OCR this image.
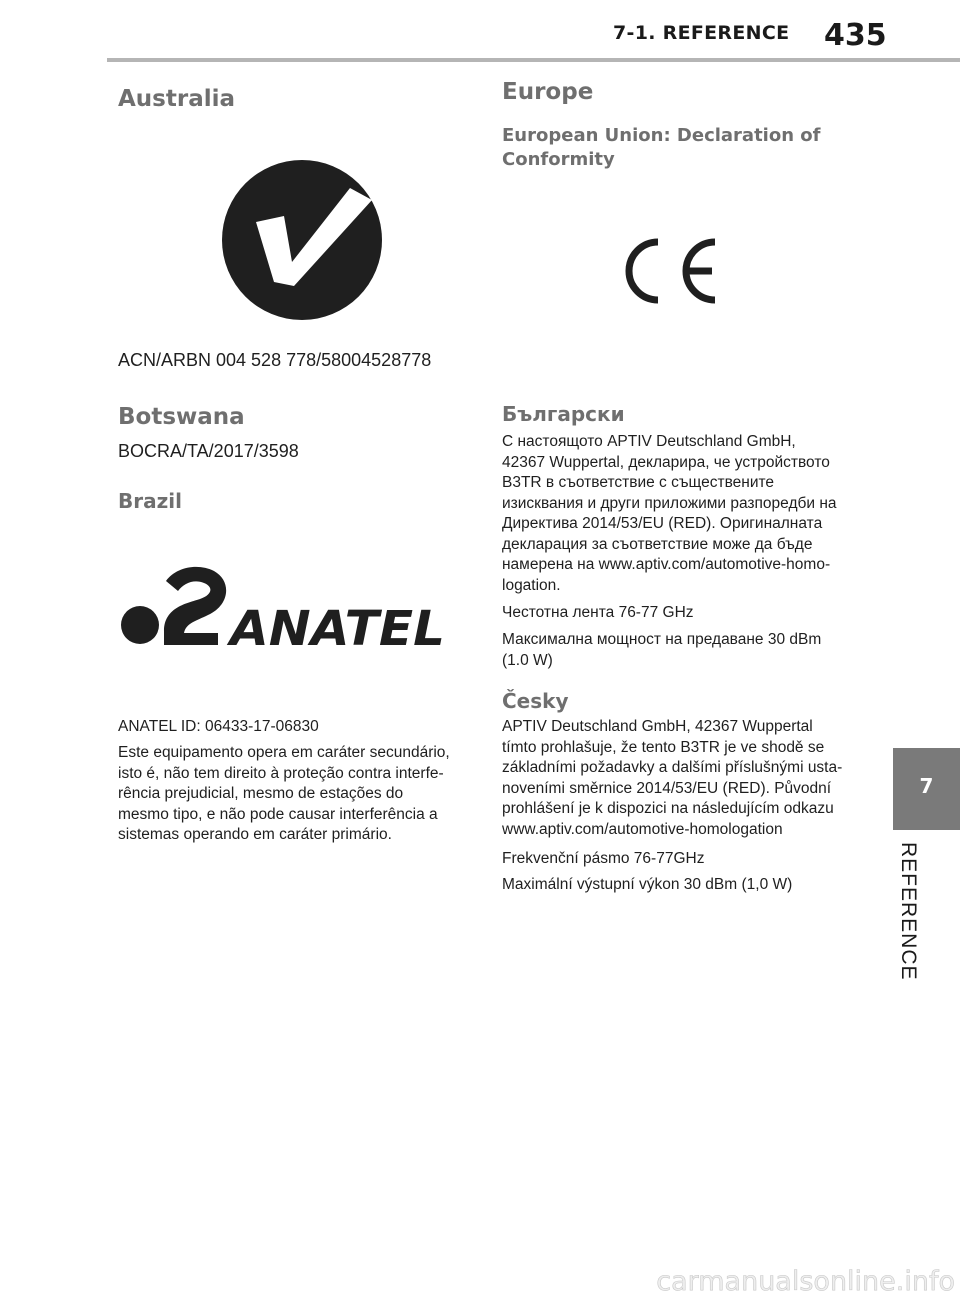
7-1. REFERENCE 435
7
REFERENCE
Australia

ACN/ARBN 004 528 778/58004528778

Botswana

BOCRA/TA/2017/3598

Brazil
ANATEL

ANATEL ID: 06433-17-06830

Este equipamento opera em caráter secundário,

isto é, não tem direito à proteção contra interfe-

rência prejudicial, mesmo de estações do

mesmo tipo, e não pode causar interferência a

sistemas operando em caráter primário.

Europe

European Union: Declaration of

Conformity

Български

С настоящото APTIV Deutschland GmbH,

42367 Wuppertal, декларира, че устройството

B3TR в съответствие с съществените

изисквания и други приложими разпоредби на

Директива 2014/53/EU (RED). Оригиналната

декларация за съответствие може да бъде

намерена на www.aptiv.com/automotive-homo-

logation.

Честотна лента 76-77 GHz

Максимална мощност на предаване 30 dBm

(1.0 W)

Česky

APTIV Deutschland GmbH, 42367 Wuppertal

tímto prohlašuje, že tento B3TR je ve shodě se

základními požadavky a dalšími příslušnými usta-

noveními směrnice 2014/53/EU (RED). Původní

prohlášení je k dispozici na následujícím odkazu

www.aptiv.com/automotive-homologation

Frekvenční pásmo 76-77GHz

Maximální výstupní výkon 30 dBm (1,0 W)

carmanualsonline.info
